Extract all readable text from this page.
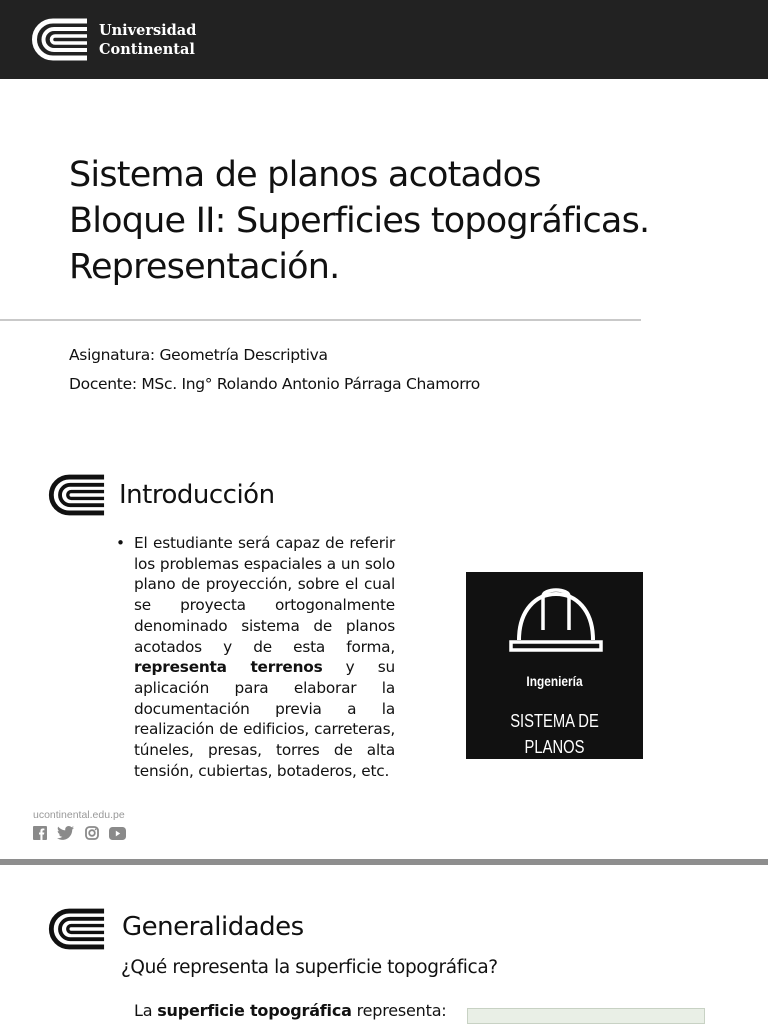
Universidad
Continental
Sistema de planos acotados
Bloque II: Superficies topográficas.
Representación.
Asignatura: Geometría Descriptiva
Docente: MSc. Ing° Rolando Antonio Párraga Chamorro
Introducción
• El estudiante será capaz de referir los problemas espaciales a un solo plano de proyección, sobre el cual se proyecta ortogonalmente denominado sistema de planos acotados y de esta forma, representa terrenos y su aplicación para elaborar la documentación previa a la realización de edificios, carreteras, túneles, presas, torres de alta tensión, cubiertas, botaderos, etc.
Ingeniería
SISTEMA DE PLANOS
ACOTADOS
ucontinental.edu.pe

Generalidades
¿Qué representa la superficie topográfica?
La superficie topográfica representa:
